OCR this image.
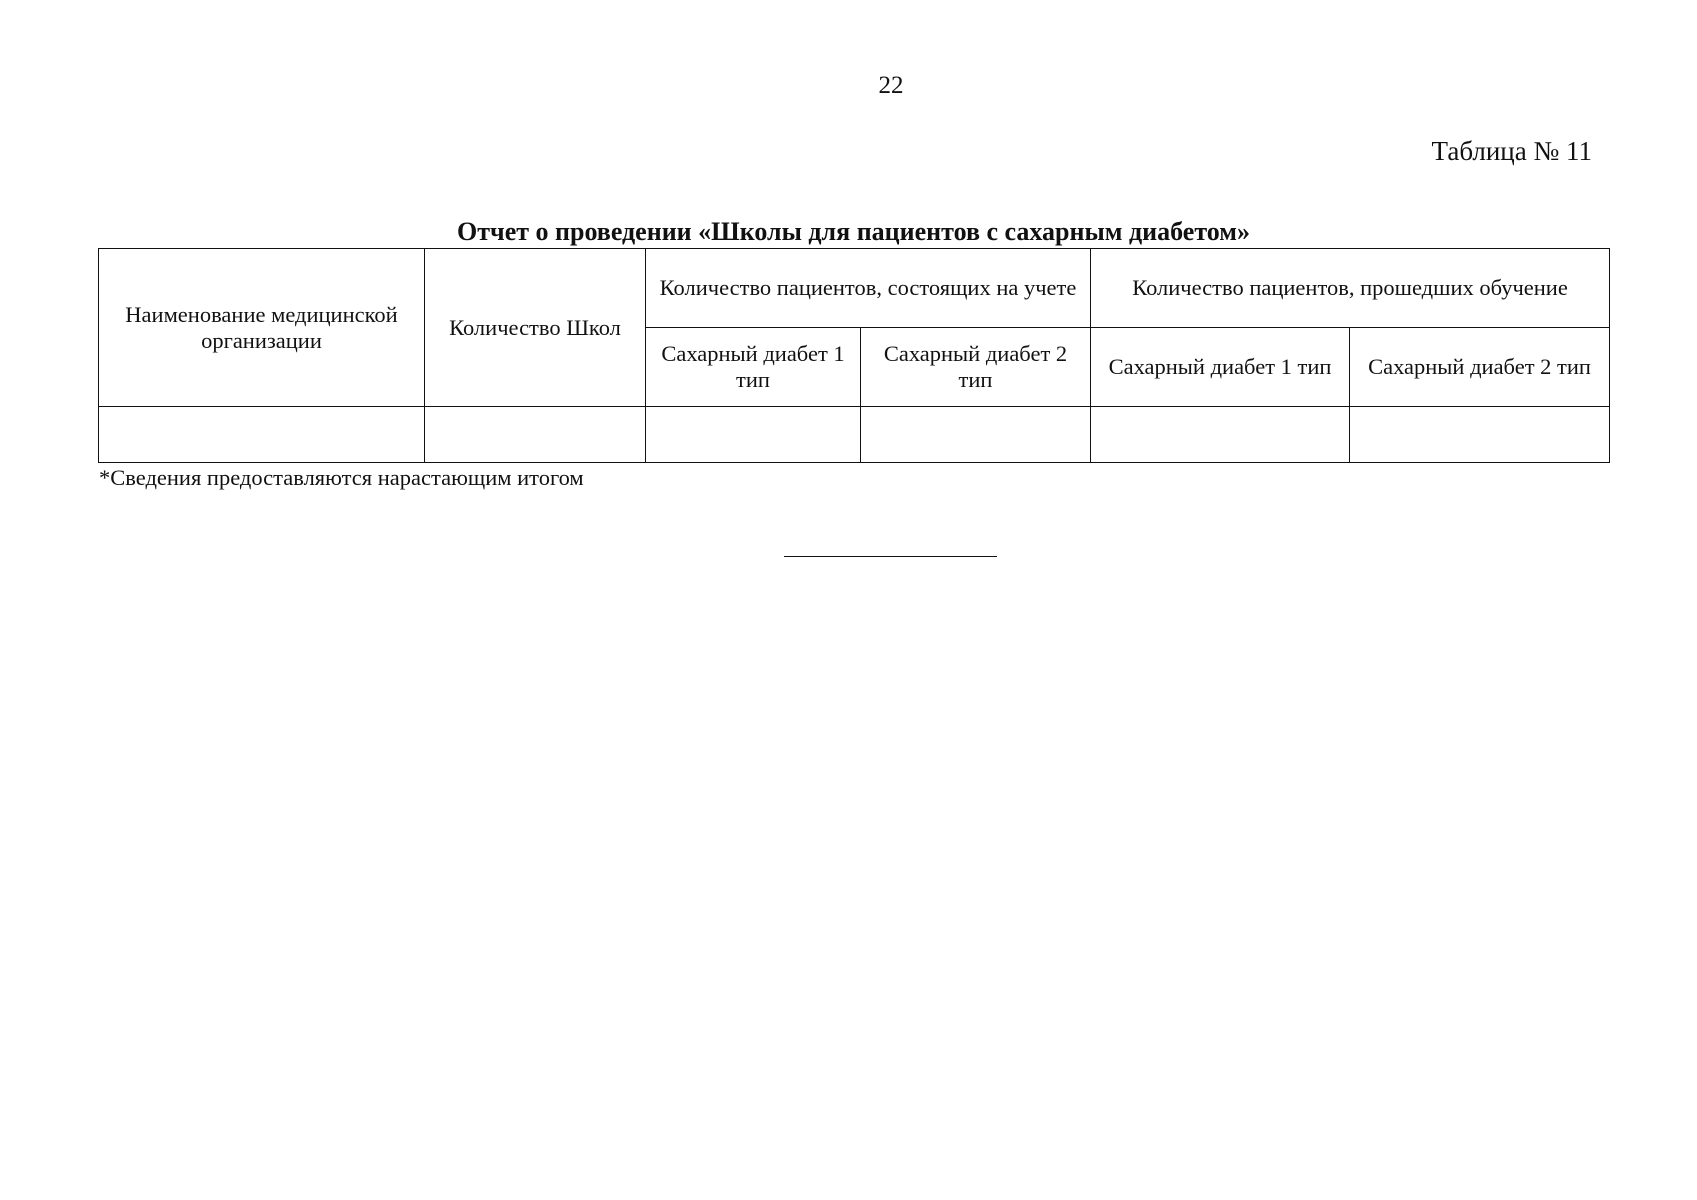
22
Таблица № 11
Отчет о проведении «Школы для пациентов с сахарным диабетом»
Наименование медицинской организации	Количество Школ	Количество пациентов, состоящих на учете		Количество пациентов, прошедших обучение	
		Сахарный диабет 1 тип	Сахарный диабет 2 тип	Сахарный диабет 1 тип	Сахарный диабет 2 тип

*Сведения предоставляются нарастающим итогом
